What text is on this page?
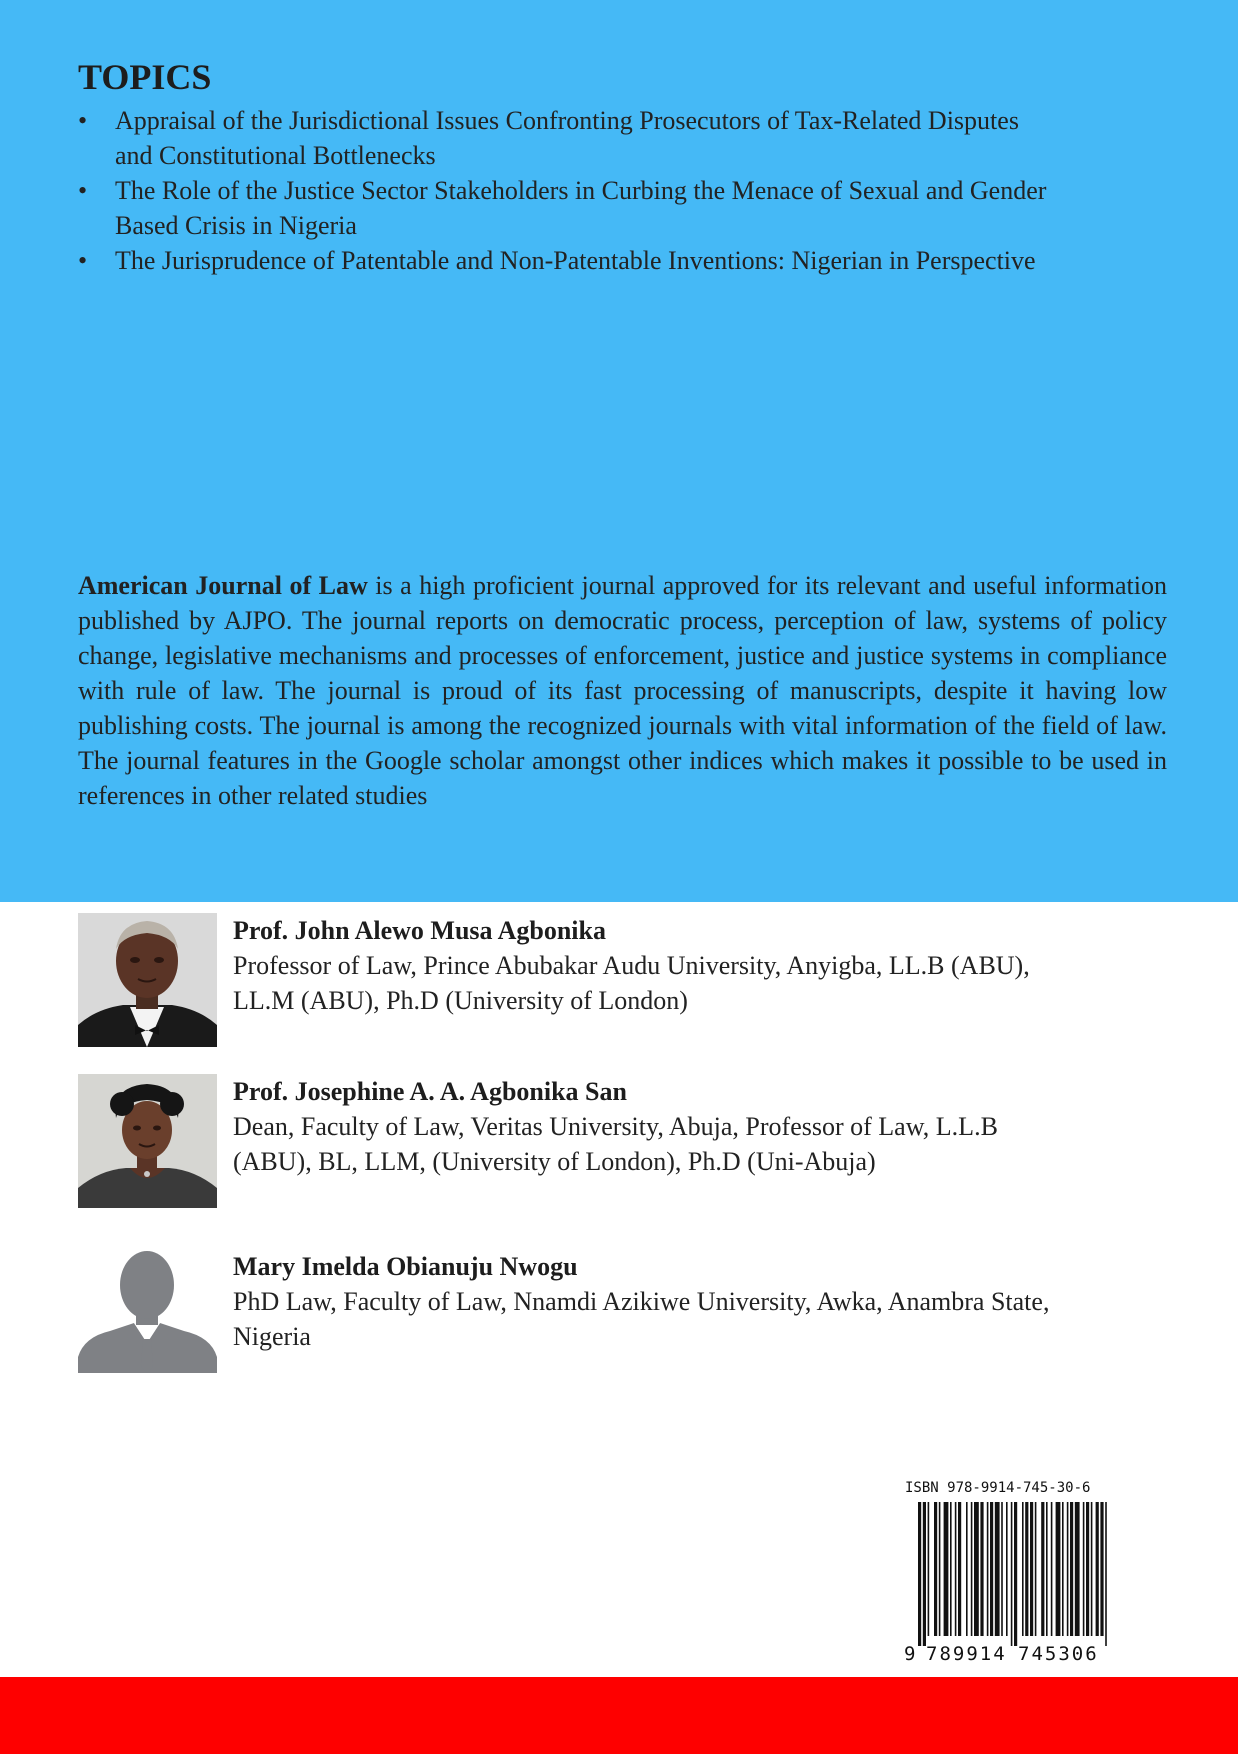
TOPICS
• Appraisal of the Jurisdictional Issues Confronting Prosecutors of Tax-Related Disputes
and Constitutional Bottlenecks
• The Role of the Justice Sector Stakeholders in Curbing the Menace of Sexual and Gender
Based Crisis in Nigeria
• The Jurisprudence of Patentable and Non-Patentable Inventions: Nigerian in Perspective

American Journal of Law is a high proficient journal approved for its relevant and useful information published by AJPO. The journal reports on democratic process, perception of law, systems of policy change, legislative mechanisms and processes of enforcement, justice and justice systems in compliance with rule of law. The journal is proud of its fast processing of manuscripts, despite it having low publishing costs. The journal is among the recognized journals with vital information of the field of law. The journal features in the Google scholar amongst other indices which makes it possible to be used in references in other related studies

Prof. John Alewo Musa Agbonika
Professor of Law, Prince Abubakar Audu University, Anyigba, LL.B (ABU),
LL.M (ABU), Ph.D (University of London)
Prof. Josephine A. A. Agbonika San
Dean, Faculty of Law, Veritas University, Abuja, Professor of Law, L.L.B
(ABU), BL, LLM, (University of London), Ph.D (Uni-Abuja)
Mary Imelda Obianuju Nwogu
PhD Law, Faculty of Law, Nnamdi Azikiwe University, Awka, Anambra State,
Nigeria
ISBN 978-9914-745-30-6
9 789914 745306
